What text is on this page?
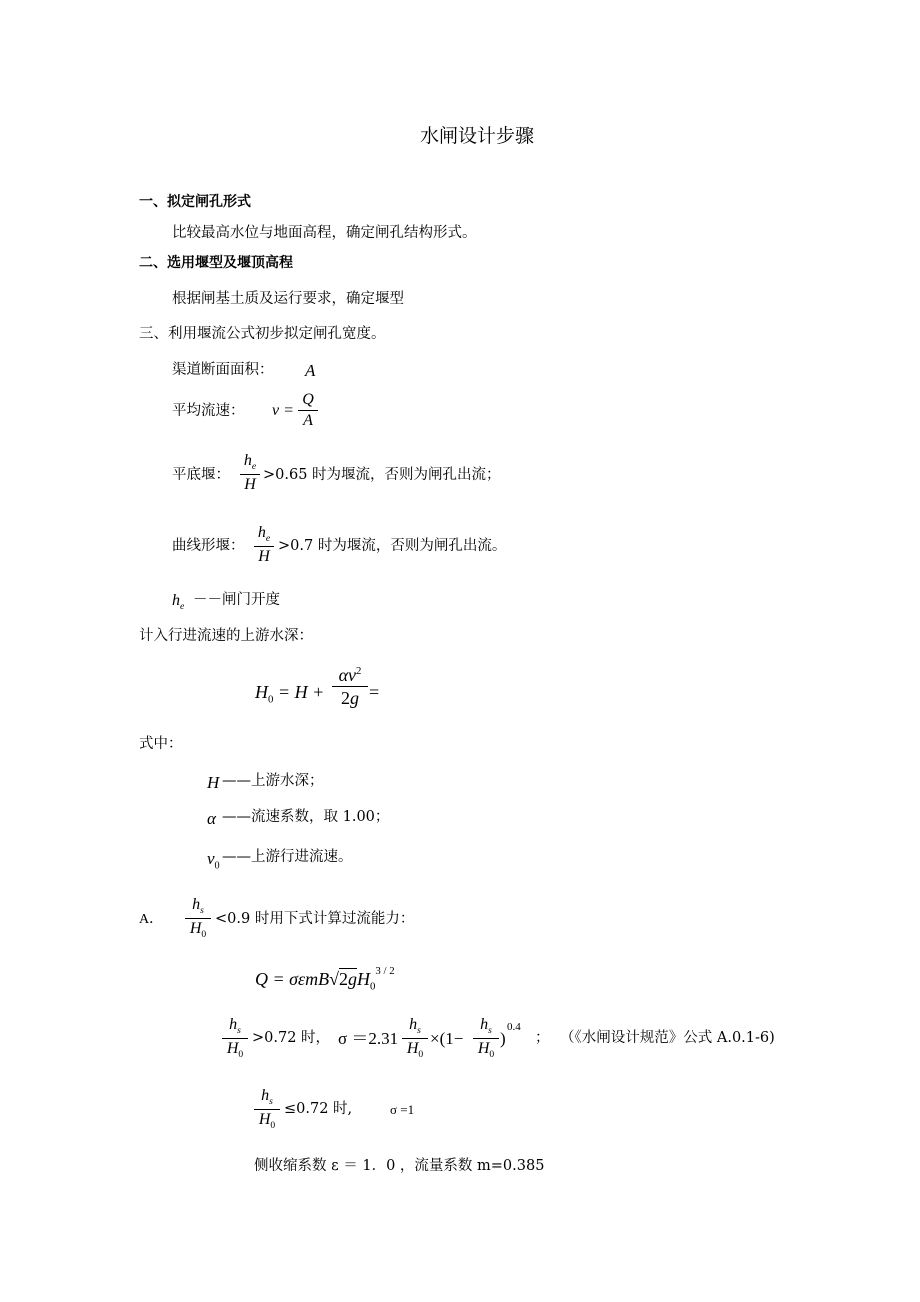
水闸设计步骤
一、拟定闸孔形式
比较最高水位与地面高程，确定闸孔结构形式。
二、选用堰型及堰顶高程
根据闸基土质及运行要求，确定堰型
三、利用堰流公式初步拟定闸孔宽度。
渠道断面面积： A
平均流速： v =
Q
A
平底堰：
$h_e$
H
>0.65 时为堰流，否则为闸孔出流；
曲线形堰：
$h_e$
H
>0.7 时为堰流，否则为闸孔出流。
$h_e$ －－闸门开度
计入行进流速的上游水深：
$H_0 = H$ +
$\alpha v^2$
2g =
式中：
H ——上游水深；
α ——流速系数，取 1.00；
$v_0$
——上游行进流速。
A．
$h_s$
$H_0$
<0.9 时用下式计算过流能力：
$Q = \sigma\varepsilon mB√2gH_0^{3 / 2}$
$h_s$
$H_0$
>0.72 时， σ ＝2.31
$h_s$
$H_0$
×(1−
$h_s$
$H_0$
)
0.4
； （《水闸设计规范》公式 A.0.1-6)
$h_s$
$H_0$
≤0.72 时,	σ =1
侧收缩系数 ε ＝ 1．0 ，流量系数 m=0.385
